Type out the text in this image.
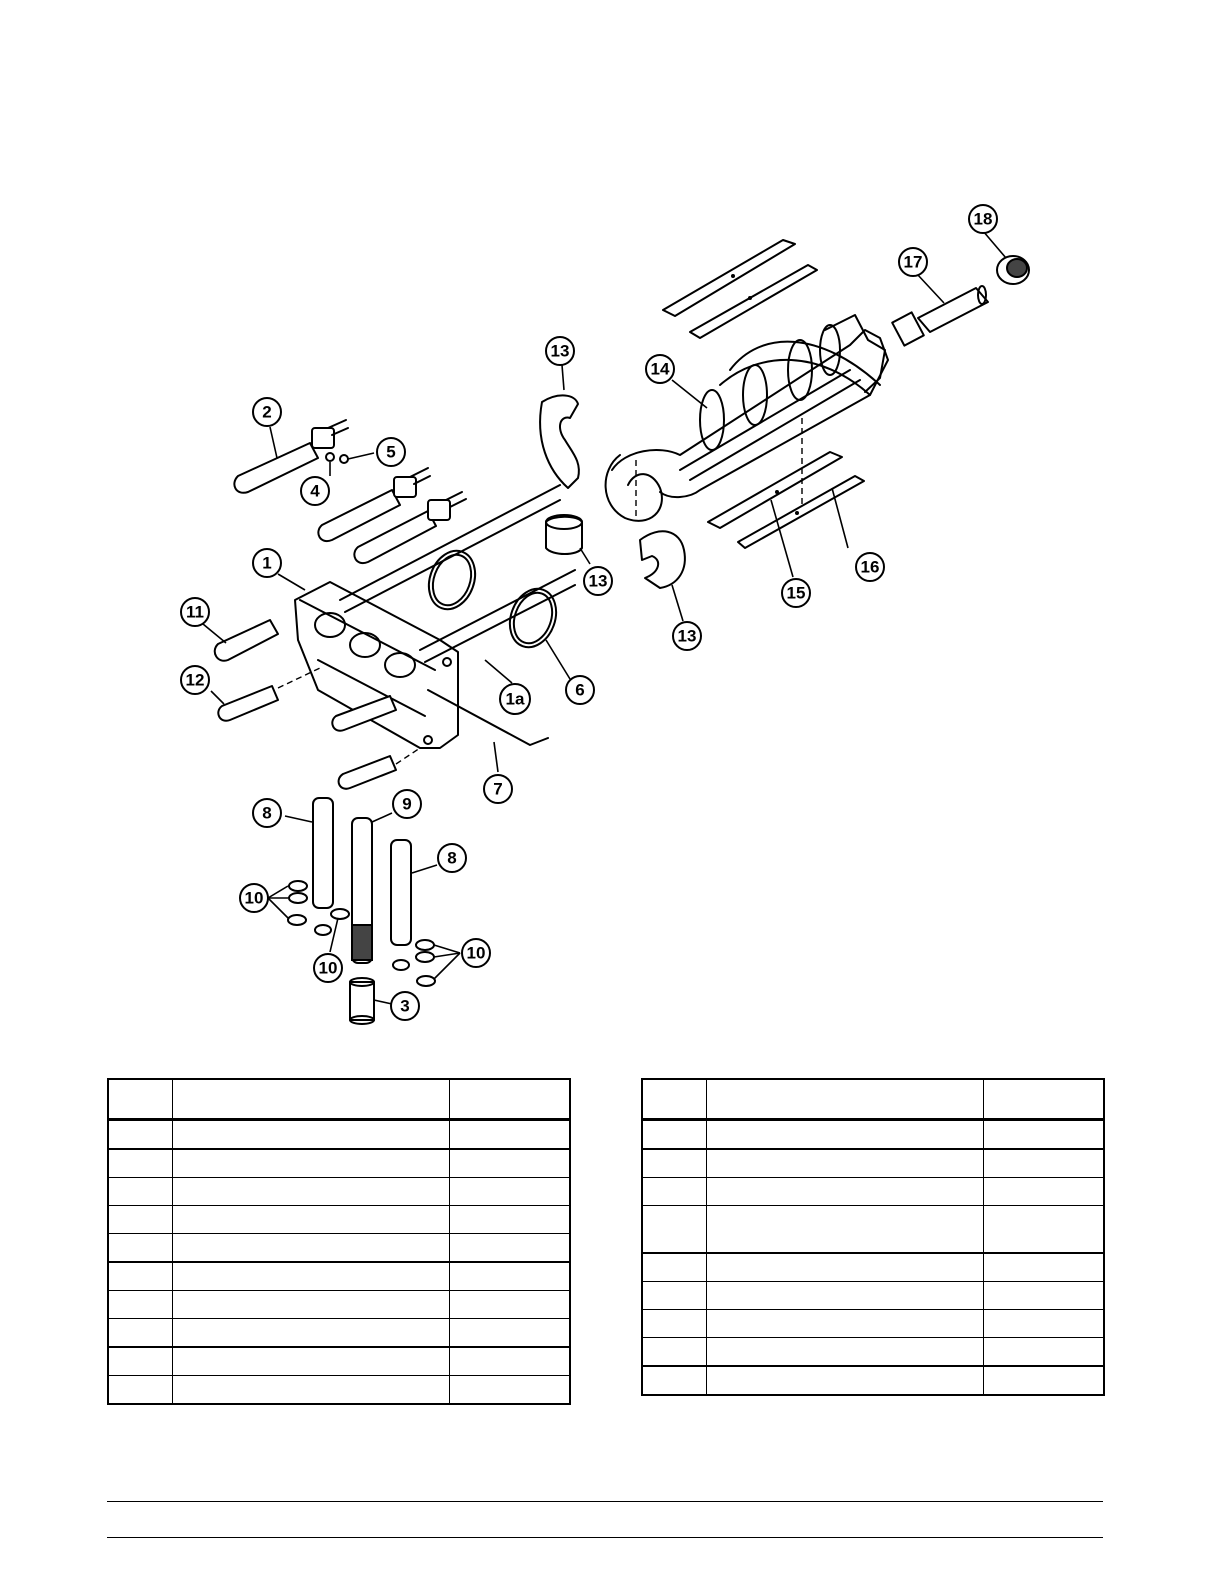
18
17
13
14
2
5
4
13
16
15
13
1
11
12
1a	6
7
8	9
8
10
10
10
3
